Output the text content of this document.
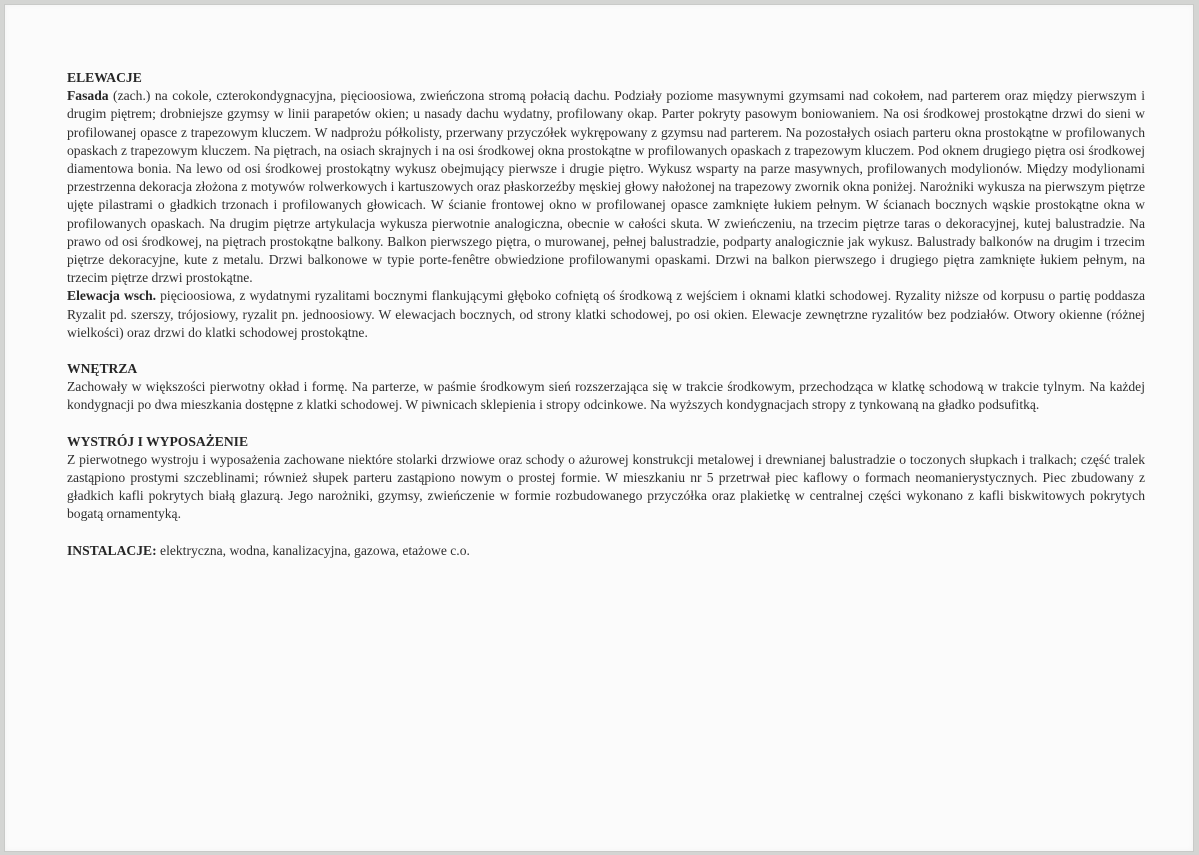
ELEWACJE

Fasada (zach.) na cokole, czterokondygnacyjna, pięcioosiowa, zwieńczona stromą połacią dachu. Podziały poziome masywnymi gzymsami nad cokołem, nad parterem oraz między pierwszym i drugim piętrem; drobniejsze gzymsy w linii parapetów okien; u nasady dachu wydatny, profilowany okap. Parter pokryty pasowym boniowaniem. Na osi środkowej prostokątne drzwi do sieni w profilowanej opasce z trapezowym kluczem. W nadprożu półkolisty, przerwany przyczółek wykrępowany z gzymsu nad parterem. Na pozostałych osiach parteru okna prostokątne w profilowanych opaskach z trapezowym kluczem. Na piętrach, na osiach skrajnych i na osi środkowej okna prostokątne w profilowanych opaskach z trapezowym kluczem. Pod oknem drugiego piętra osi środkowej diamentowa bonia. Na lewo od osi środkowej prostokątny wykusz obejmujący pierwsze i drugie piętro. Wykusz wsparty na parze masywnych, profilowanych modylionów. Między modylionami przestrzenna dekoracja złożona z motywów rolwerkowych i kartuszowych oraz płaskorzeźby męskiej głowy nałożonej na trapezowy zwornik okna poniżej. Narożniki wykusza na pierwszym piętrze ujęte pilastrami o gładkich trzonach i profilowanych głowicach. W ścianie frontowej okno w profilowanej opasce zamknięte łukiem pełnym. W ścianach bocznych wąskie prostokątne okna w profilowanych opaskach. Na drugim piętrze artykulacja wykusza pierwotnie analogiczna, obecnie w całości skuta. W zwieńczeniu, na trzecim piętrze taras o dekoracyjnej, kutej balustradzie. Na prawo od osi środkowej, na piętrach prostokątne balkony. Balkon pierwszego piętra, o murowanej, pełnej balustradzie, podparty analogicznie jak wykusz. Balustrady balkonów na drugim i trzecim piętrze dekoracyjne, kute z metalu. Drzwi balkonowe w typie porte-fenêtre obwiedzione profilowanymi opaskami. Drzwi na balkon pierwszego i drugiego piętra zamknięte łukiem pełnym, na trzecim piętrze drzwi prostokątne.

Elewacja wsch. pięcioosiowa, z wydatnymi ryzalitami bocznymi flankującymi głęboko cofniętą oś środkową z wejściem i oknami klatki schodowej. Ryzality niższe od korpusu o partię poddasza Ryzalit pd. szerszy, trójosiowy, ryzalit pn. jednoosiowy. W elewacjach bocznych, od strony klatki schodowej, po osi okien. Elewacje zewnętrzne ryzalitów bez podziałów. Otwory okienne (różnej wielkości) oraz drzwi do klatki schodowej prostokątne.

WNĘTRZA

Zachowały w większości pierwotny okład i formę. Na parterze, w paśmie środkowym sień rozszerzająca się w trakcie środkowym, przechodząca w klatkę schodową w trakcie tylnym. Na każdej kondygnacji po dwa mieszkania dostępne z klatki schodowej. W piwnicach sklepienia i stropy odcinkowe. Na wyższych kondygnacjach stropy z tynkowaną na gładko podsufitką.

WYSTRÓJ I WYPOSAŻENIE

Z pierwotnego wystroju i wyposażenia zachowane niektóre stolarki drzwiowe oraz schody o ażurowej konstrukcji metalowej i drewnianej balustradzie o toczonych słupkach i tralkach; część tralek zastąpiono prostymi szczeblinami; również słupek parteru zastąpiono nowym o prostej formie. W mieszkaniu nr 5 przetrwał piec kaflowy o formach neomanierystycznych. Piec zbudowany z gładkich kafli pokrytych białą glazurą. Jego narożniki, gzymsy, zwieńczenie w formie rozbudowanego przyczółka oraz plakietkę w centralnej części wykonano z kafli biskwitowych pokrytych bogatą ornamentyką.

INSTALACJE: elektryczna, wodna, kanalizacyjna, gazowa, etażowe c.o.
